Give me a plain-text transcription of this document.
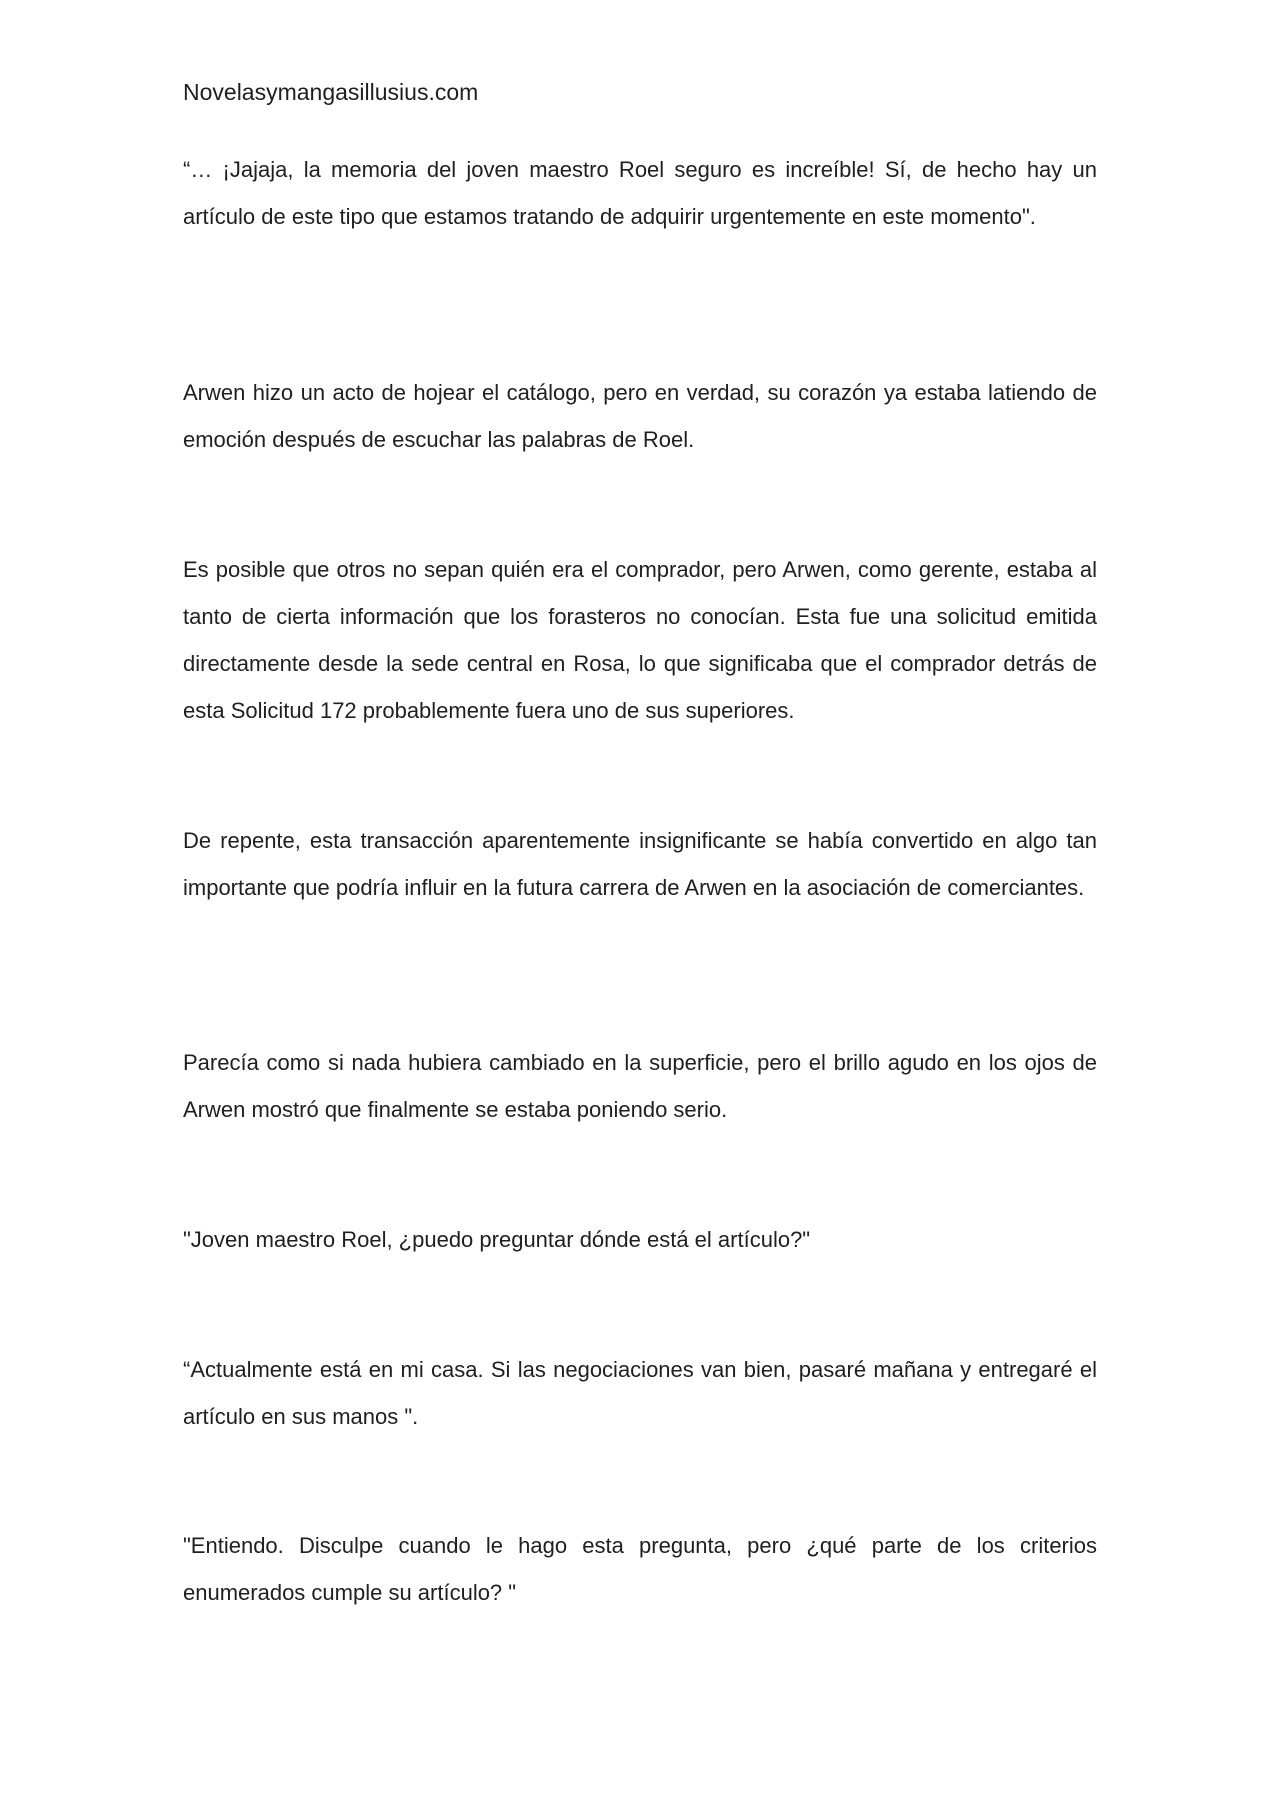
Novelasymangasillusius.com

“… ¡Jajaja, la memoria del joven maestro Roel seguro es increíble! Sí, de hecho hay un artículo de este tipo que estamos tratando de adquirir urgentemente en este momento".

Arwen hizo un acto de hojear el catálogo, pero en verdad, su corazón ya estaba latiendo de emoción después de escuchar las palabras de Roel.

Es posible que otros no sepan quién era el comprador, pero Arwen, como gerente, estaba al tanto de cierta información que los forasteros no conocían. Esta fue una solicitud emitida directamente desde la sede central en Rosa, lo que significaba que el comprador detrás de esta Solicitud 172 probablemente fuera uno de sus superiores.

De repente, esta transacción aparentemente insignificante se había convertido en algo tan importante que podría influir en la futura carrera de Arwen en la asociación de comerciantes.

Parecía como si nada hubiera cambiado en la superficie, pero el brillo agudo en los ojos de Arwen mostró que finalmente se estaba poniendo serio.

"Joven maestro Roel, ¿puedo preguntar dónde está el artículo?"

“Actualmente está en mi casa. Si las negociaciones van bien, pasaré mañana y entregaré el artículo en sus manos ".

"Entiendo. Disculpe cuando le hago esta pregunta, pero ¿qué parte de los criterios enumerados cumple su artículo? "
